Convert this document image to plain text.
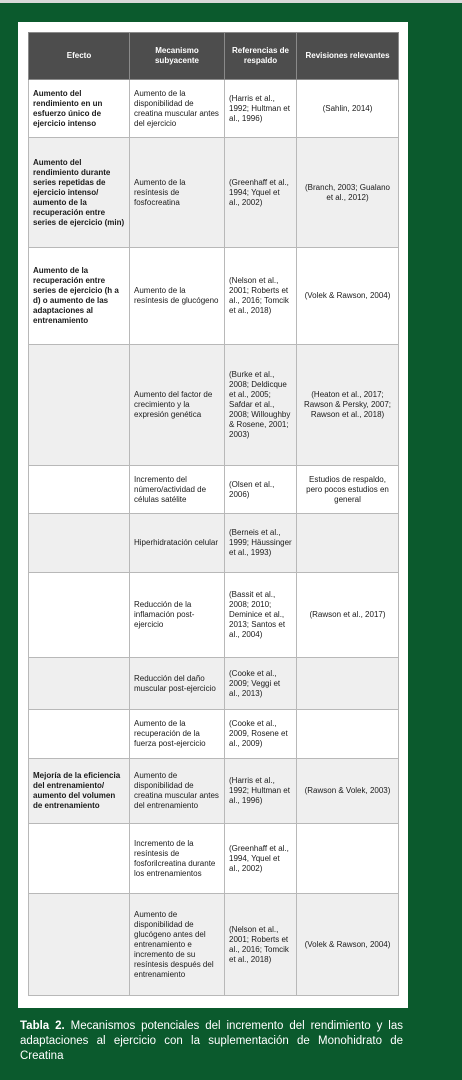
Efecto	Mecanismo subyacente	Referencias de respaldo	Revisiones relevantes
Aumento del rendimiento en un esfuerzo único de ejercicio intenso	Aumento de la disponibilidad de creatina muscular antes del ejercicio	(Harris et al., 1992; Hultman et al., 1996)	(Sahlin, 2014)
Aumento del rendimiento durante series repetidas de ejercicio intenso/ aumento de la recuperación entre series de ejercicio (min)	Aumento de la resíntesis de fosfocreatina	(Greenhaff et al., 1994; Yquel et al., 2002)	(Branch, 2003; Gualano et al., 2012)
Aumento de la recuperación entre series de ejercicio (h a d) o aumento de las adaptaciones al entrenamiento	Aumento de la resíntesis de glucógeno	(Nelson et al., 2001; Roberts et al., 2016; Tomcik et al., 2018)	(Volek & Rawson, 2004)
	Aumento del factor de crecimiento y la expresión genética	(Burke et al., 2008; Deldicque et al., 2005; Safdar et al., 2008; Willoughby & Rosene, 2001; 2003)	(Heaton et al., 2017; Rawson & Persky, 2007; Rawson et al., 2018)
	Incremento del número/actividad de células satélite	(Olsen et al., 2006)	Estudios de respaldo, pero pocos estudios en general
	Hiperhidratación celular	(Berneis et al., 1999; Häussinger et al., 1993)	
	Reducción de la inflamación post-ejercicio	(Bassit et al., 2008; 2010; Deminice et al., 2013; Santos et al., 2004)	(Rawson et al., 2017)
	Reducción del daño muscular post-ejercicio	(Cooke et al., 2009; Veggi et al., 2013)	
	Aumento de la recuperación de la fuerza post-ejercicio	(Cooke et al., 2009, Rosene et al., 2009)	
Mejoría de la eficiencia del entrenamiento/ aumento del volumen de entrenamiento	Aumento de disponibilidad de creatina muscular antes del entrenamiento	(Harris et al., 1992; Hultman et al., 1996)	(Rawson & Volek, 2003)
	Incremento de la resíntesis de fosforilcreatina durante los entrenamientos	(Greenhaff et al., 1994, Yquel et al., 2002)	
	Aumento de disponibilidad de glucógeno antes del entrenamiento e incremento de su resíntesis después del entrenamiento	(Nelson et al., 2001; Roberts et al., 2016; Tomcik et al., 2018)	(Volek & Rawson, 2004)
Tabla 2. Mecanismos potenciales del incremento del rendimiento y las adaptaciones al ejercicio con la suplementación de Monohidrato de Creatina
